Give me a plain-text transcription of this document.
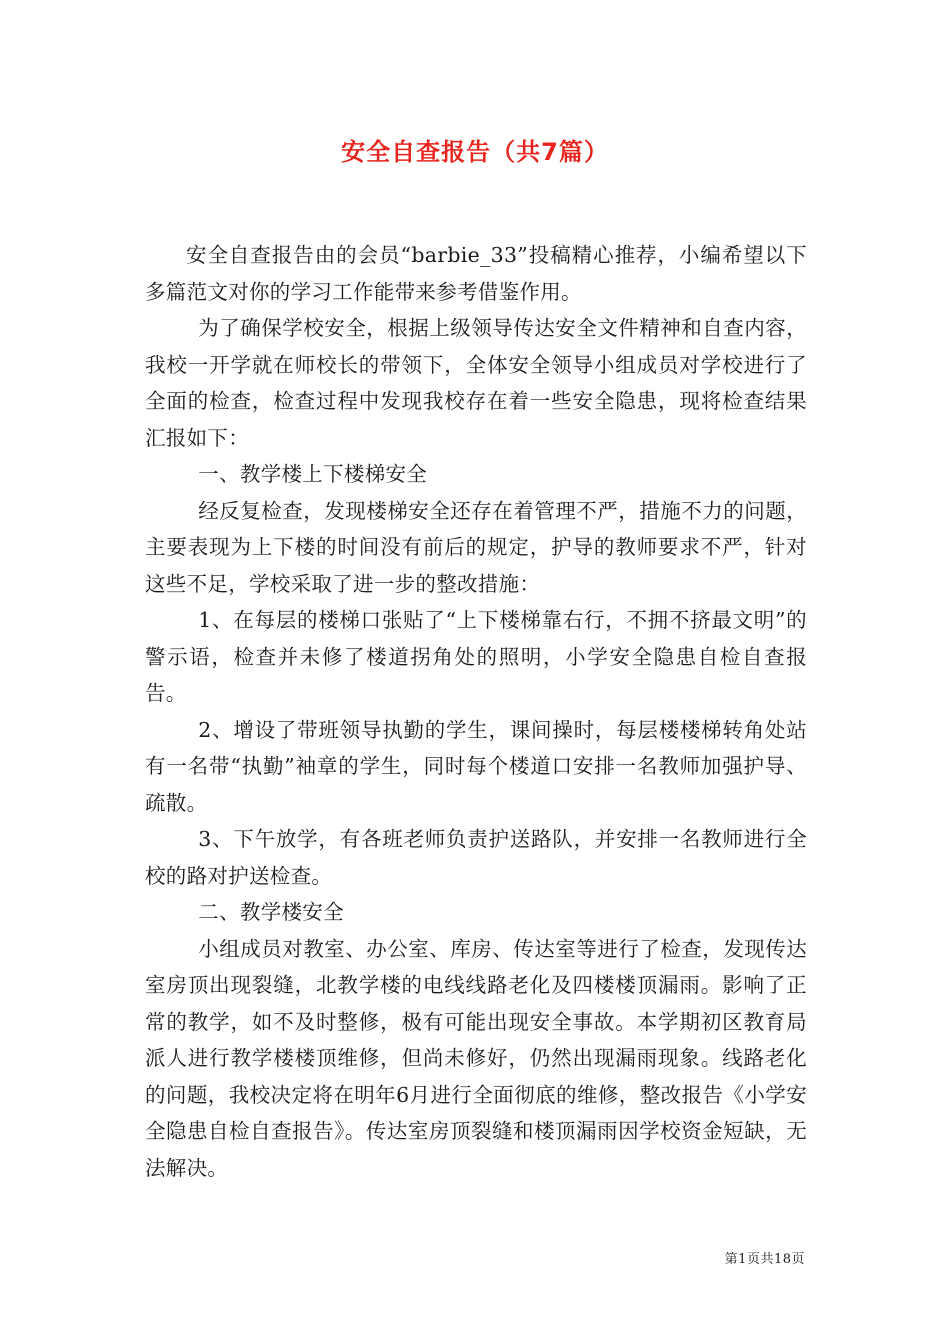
安全自查报告（共7篇）

安全自查报告由的会员“barbie_33”投稿精心推荐，小编希望以下多篇范文对你的学习工作能带来参考借鉴作用。

为了确保学校安全，根据上级领导传达安全文件精神和自查内容，我校一开学就在师校长的带领下，全体安全领导小组成员对学校进行了全面的检查，检查过程中发现我校存在着一些安全隐患，现将检查结果汇报如下：

一、教学楼上下楼梯安全

经反复检查，发现楼梯安全还存在着管理不严，措施不力的问题，主要表现为上下楼的时间没有前后的规定，护导的教师要求不严，针对这些不足，学校采取了进一步的整改措施：

1、在每层的楼梯口张贴了“上下楼梯靠右行，不拥不挤最文明”的警示语，检查并未修了楼道拐角处的照明，小学安全隐患自检自查报告。

2、增设了带班领导执勤的学生，课间操时，每层楼楼梯转角处站有一名带“执勤”袖章的学生，同时每个楼道口安排一名教师加强护导、疏散。

3、下午放学，有各班老师负责护送路队，并安排一名教师进行全校的路对护送检查。

二、教学楼安全

小组成员对教室、办公室、库房、传达室等进行了检查，发现传达室房顶出现裂缝，北教学楼的电线线路老化及四楼楼顶漏雨。影响了正常的教学，如不及时整修，极有可能出现安全事故。本学期初区教育局派人进行教学楼楼顶维修，但尚未修好，仍然出现漏雨现象。线路老化的问题，我校决定将在明年6月进行全面彻底的维修，整改报告《小学安全隐患自检自查报告》。传达室房顶裂缝和楼顶漏雨因学校资金短缺，无法解决。

第1页共18页
